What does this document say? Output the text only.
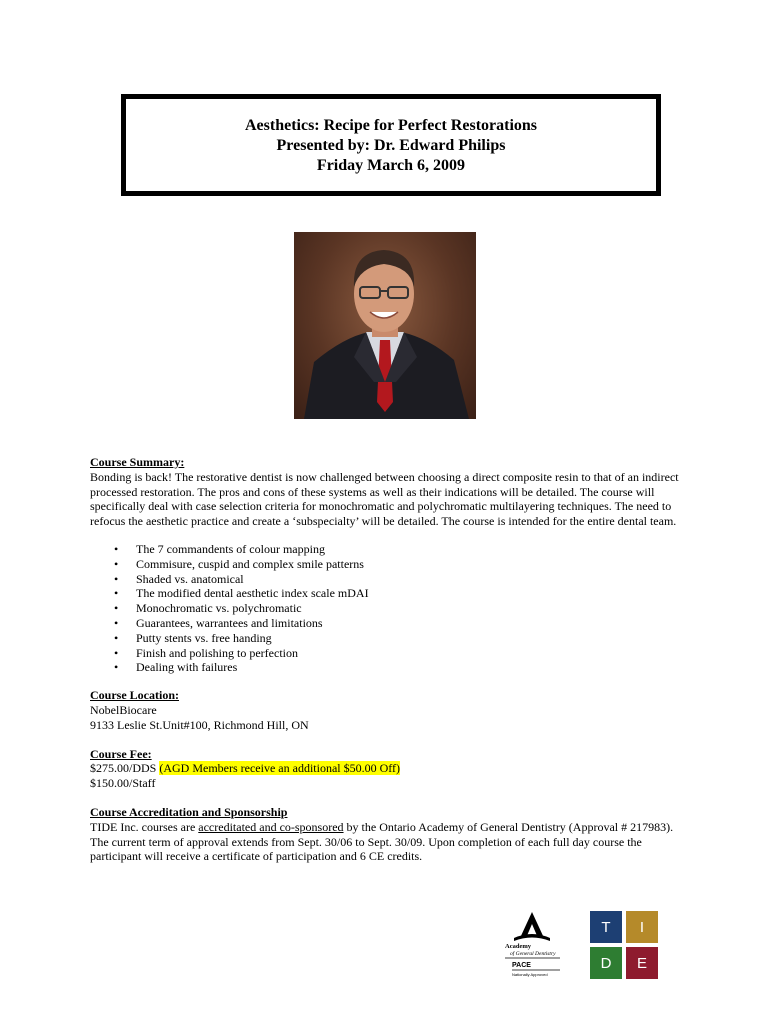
Aesthetics: Recipe for Perfect Restorations
Presented by: Dr. Edward Philips
Friday March 6, 2009
Course Summary:

Bonding is back! The restorative dentist is now challenged between choosing a direct composite resin to that of an indirect processed restoration. The pros and cons of these systems as well as their indications will be detailed. The course will specifically deal with case selection criteria for monochromatic and polychromatic multilayering techniques. The need to refocus the aesthetic practice and create a ‘subspecialty’ will be detailed. The course is intended for the entire dental team.

• The 7 commandents of colour mapping
• Commisure, cuspid and complex smile patterns
• Shaded vs. anatomical
• The modified dental aesthetic index scale mDAI
• Monochromatic vs. polychromatic
• Guarantees, warrantees and limitations
• Putty stents vs. free handing
• Finish and polishing to perfection
• Dealing with failures
Course Location:
NobelBiocare
9133 Leslie St.Unit#100, Richmond Hill, ON
Course Fee:
$275.00/DDS (AGD Members receive an additional $50.00 Off)
$150.00/Staff
Course Accreditation and Sponsorship

TIDE Inc. courses are accreditated and co-sponsored by the Ontario Academy of General Dentistry (Approval # 217983). The current term of approval extends from Sept. 30/06 to Sept. 30/09. Upon completion of each full day course the participant will receive a certificate of participation and 6 CE credits.

Academy
of General Dentistry
PACE
Nationally Approved
T	I
D	E
